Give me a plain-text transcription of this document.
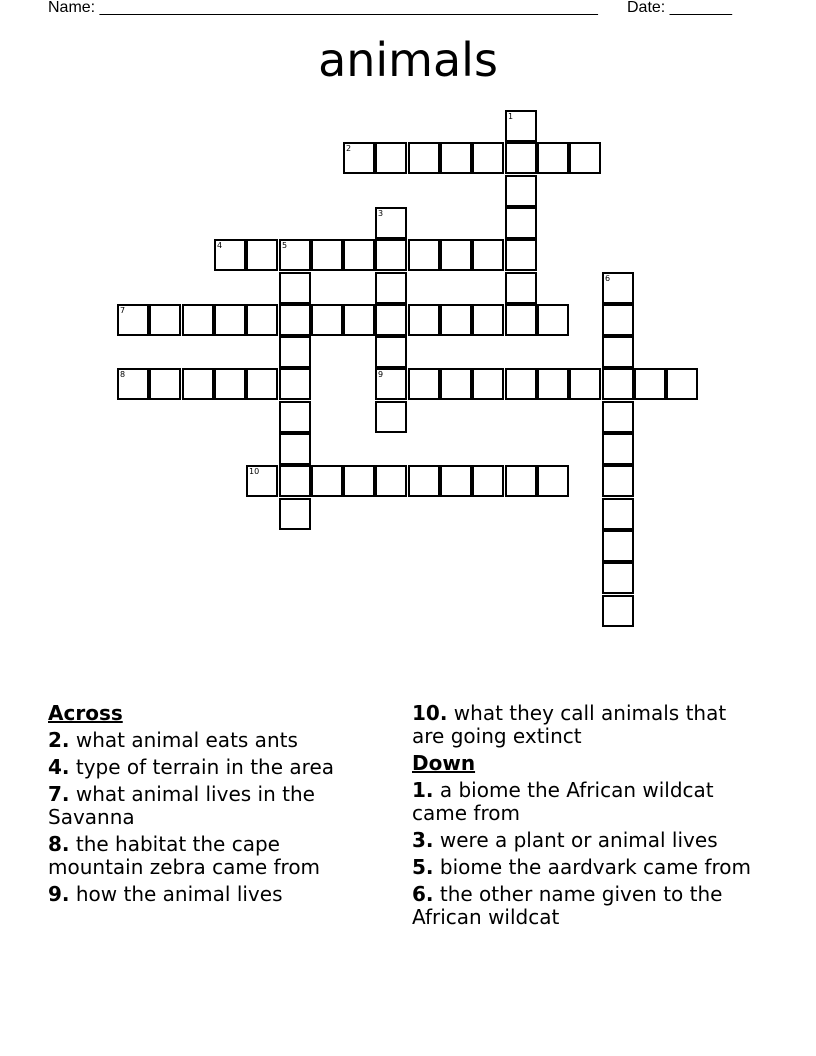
Name: ________________________________________________________ Date: _______
animals
1
2
3
9
4	5
6
7
8
10
Across
2. what animal eats ants
4. type of terrain in the area
7. what animal lives in the Savanna
8. the habitat the cape mountain zebra came from
9. how the animal lives
10. what they call animals that are going extinct
Down
1. a biome the African wildcat came from
3. were a plant or animal lives
5. biome the aardvark came from
6. the other name given to the African wildcat
